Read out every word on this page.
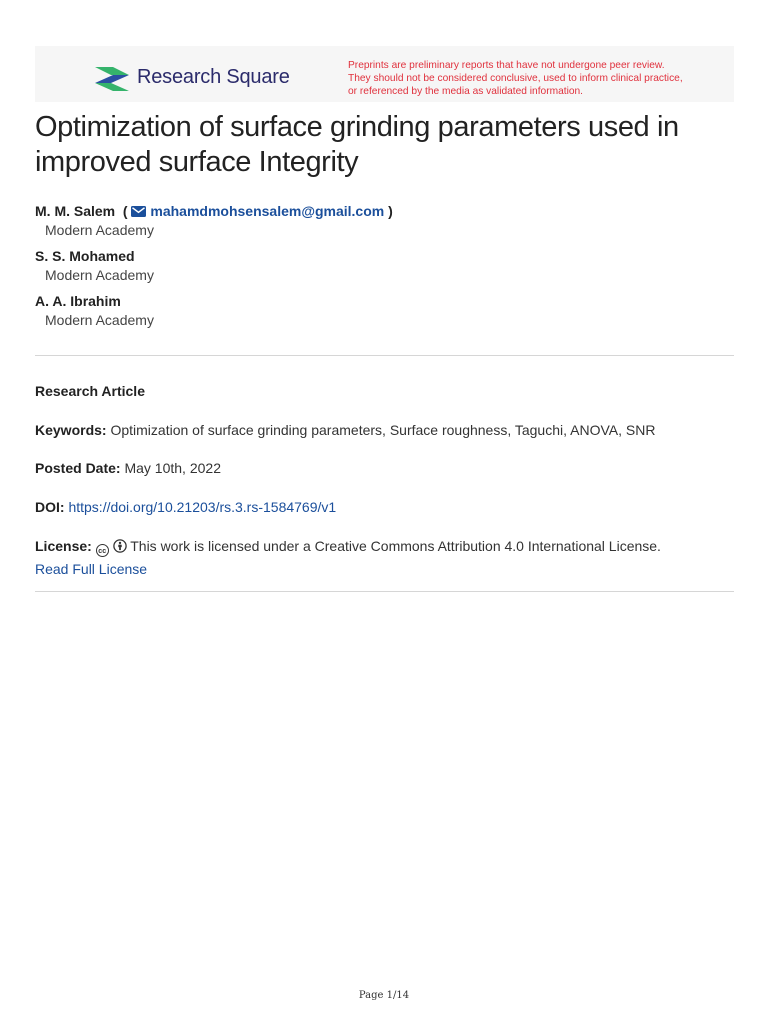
Research Square
Preprints are preliminary reports that have not undergone peer review.
They should not be considered conclusive, used to inform clinical practice,
or referenced by the media as validated information.
Optimization of surface grinding parameters used in improved surface Integrity
M. M. Salem  ( mahamdmohsensalem@gmail.com )
Modern Academy
S. S. Mohamed
Modern Academy
A. A. Ibrahim
Modern Academy
Research Article
Keywords: Optimization of surface grinding parameters, Surface roughness, Taguchi, ANOVA, SNR
Posted Date: May 10th, 2022
DOI: https://doi.org/10.21203/rs.3.rs-1584769/v1
License: cc This work is licensed under a Creative Commons Attribution 4.0 International License.
Read Full License
Page 1/14
